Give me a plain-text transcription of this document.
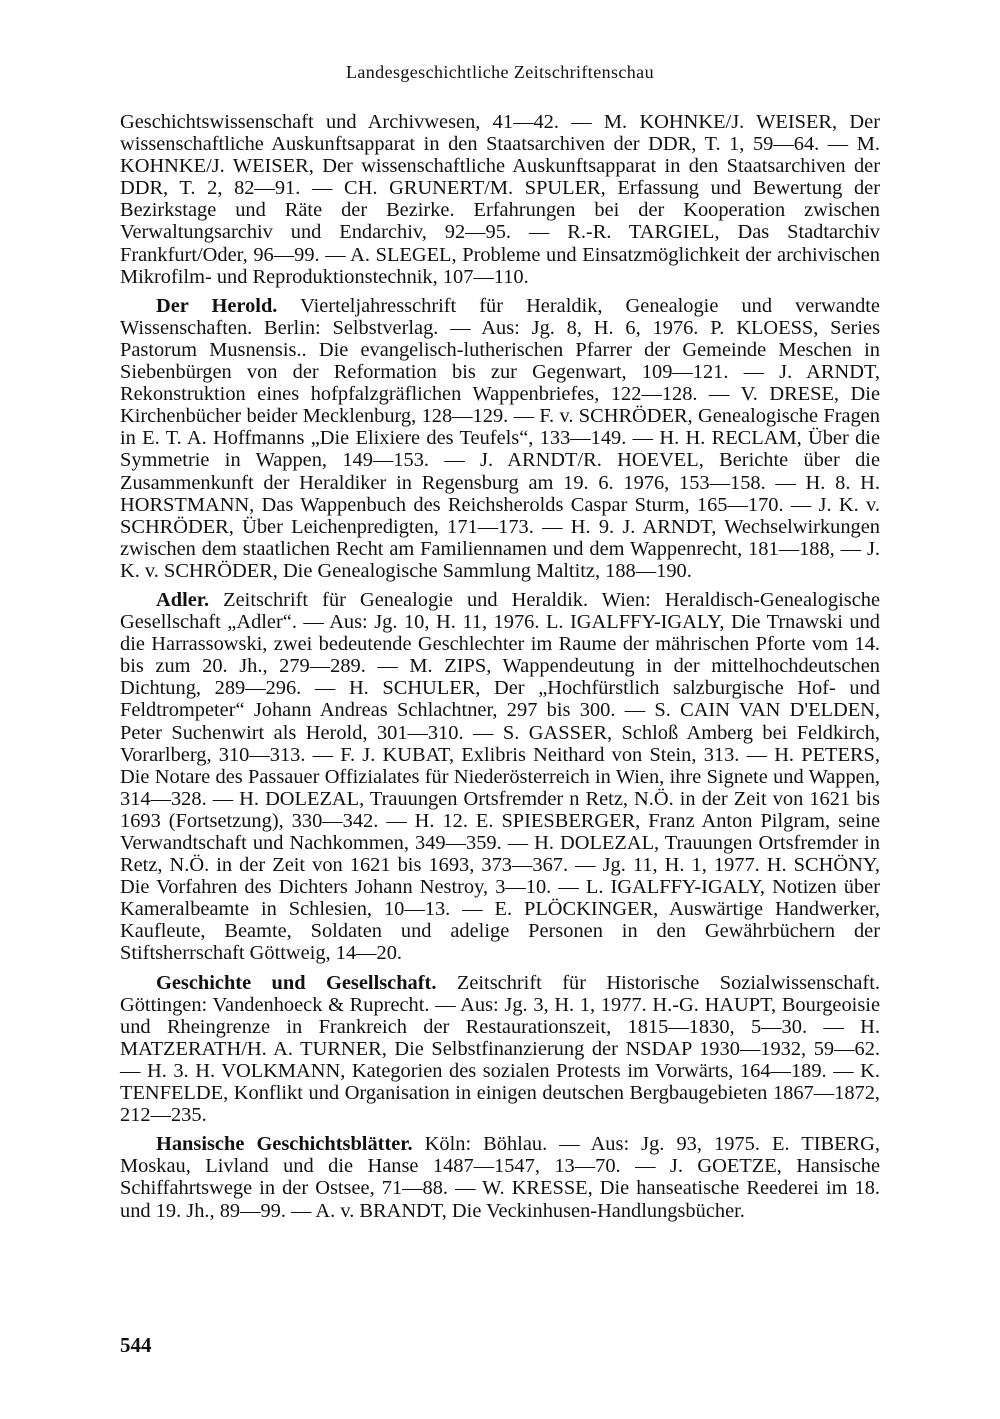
Landesgeschichtliche Zeitschriftenschau

Geschichtswissenschaft und Archivwesen, 41—42. — M. KOHNKE/J. WEISER, Der wissenschaftliche Auskunftsapparat in den Staatsarchiven der DDR, T. 1, 59—64. — M. KOHNKE/J. WEISER, Der wissenschaftliche Auskunftsapparat in den Staatsarchiven der DDR, T. 2, 82—91. — CH. GRUNERT/M. SPULER, Erfassung und Bewertung der Bezirkstage und Räte der Bezirke. Erfahrungen bei der Kooperation zwischen Verwaltungsarchiv und Endarchiv, 92—95. — R.-R. TARGIEL, Das Stadtarchiv Frankfurt/Oder, 96—99. — A. SLEGEL, Probleme und Einsatzmöglichkeit der archivischen Mikrofilm- und Reproduktionstechnik, 107—110.

Der Herold. Vierteljahresschrift für Heraldik, Genealogie und verwandte Wissenschaften. Berlin: Selbstverlag. — Aus: Jg. 8, H. 6, 1976. P. KLOESS, Series Pastorum Musnensis.. Die evangelisch-lutherischen Pfarrer der Gemeinde Meschen in Siebenbürgen von der Reformation bis zur Gegenwart, 109—121. — J. ARNDT, Rekonstruktion eines hofpfalzgräflichen Wappenbriefes, 122—128. — V. DRESE, Die Kirchenbücher beider Mecklenburg, 128—129. — F. v. SCHRÖDER, Genealogische Fragen in E. T. A. Hoffmanns „Die Elixiere des Teufels“, 133—149. — H. H. RECLAM, Über die Symmetrie in Wappen, 149—153. — J. ARNDT/R. HOEVEL, Berichte über die Zusammenkunft der Heraldiker in Regensburg am 19. 6. 1976, 153—158. — H. 8. H. HORSTMANN, Das Wappenbuch des Reichsherolds Caspar Sturm, 165—170. — J. K. v. SCHRÖDER, Über Leichenpredigten, 171—173. — H. 9. J. ARNDT, Wechselwirkungen zwischen dem staatlichen Recht am Familiennamen und dem Wappenrecht, 181—188, — J. K. v. SCHRÖDER, Die Genealogische Sammlung Maltitz, 188—190.

Adler. Zeitschrift für Genealogie und Heraldik. Wien: Heraldisch-Genealogische Gesellschaft „Adler“. — Aus: Jg. 10, H. 11, 1976. L. IGALFFY-IGALY, Die Trnawski und die Harrassowski, zwei bedeutende Geschlechter im Raume der mährischen Pforte vom 14. bis zum 20. Jh., 279—289. — M. ZIPS, Wappendeutung in der mittelhochdeutschen Dichtung, 289—296. — H. SCHULER, Der „Hochfürstlich salzburgische Hof- und Feldtrompeter“ Johann Andreas Schlachtner, 297 bis 300. — S. CAIN VAN D'ELDEN, Peter Suchenwirt als Herold, 301—310. — S. GASSER, Schloß Amberg bei Feldkirch, Vorarlberg, 310—313. — F. J. KUBAT, Exlibris Neithard von Stein, 313. — H. PETERS, Die Notare des Passauer Offizialates für Niederösterreich in Wien, ihre Signete und Wappen, 314—328. — H. DOLEZAL, Trauungen Ortsfremder n Retz, N.Ö. in der Zeit von 1621 bis 1693 (Fortsetzung), 330—342. — H. 12. E. SPIESBERGER, Franz Anton Pilgram, seine Verwandtschaft und Nachkommen, 349—359. — H. DOLEZAL, Trauungen Ortsfremder in Retz, N.Ö. in der Zeit von 1621 bis 1693, 373—367. — Jg. 11, H. 1, 1977. H. SCHÖNY, Die Vorfahren des Dichters Johann Nestroy, 3—10. — L. IGALFFY-IGALY, Notizen über Kameralbeamte in Schlesien, 10—13. — E. PLÖCKINGER, Auswärtige Handwerker, Kaufleute, Beamte, Soldaten und adelige Personen in den Gewährbüchern der Stiftsherrschaft Göttweig, 14—20.

Geschichte und Gesellschaft. Zeitschrift für Historische Sozialwissenschaft. Göttingen: Vandenhoeck & Ruprecht. — Aus: Jg. 3, H. 1, 1977. H.-G. HAUPT, Bourgeoisie und Rheingrenze in Frankreich der Restaurationszeit, 1815—1830, 5—30. — H. MATZERATH/H. A. TURNER, Die Selbstfinanzierung der NSDAP 1930—1932, 59—62. — H. 3. H. VOLKMANN, Kategorien des sozialen Protests im Vorwärts, 164—189. — K. TENFELDE, Konflikt und Organisation in einigen deutschen Bergbaugebieten 1867—1872, 212—235.

Hansische Geschichtsblätter. Köln: Böhlau. — Aus: Jg. 93, 1975. E. TIBERG, Moskau, Livland und die Hanse 1487—1547, 13—70. — J. GOETZE, Hansische Schiffahrtswege in der Ostsee, 71—88. — W. KRESSE, Die hanseatische Reederei im 18. und 19. Jh., 89—99. — A. v. BRANDT, Die Veckinhusen-Handlungsbücher.

544
